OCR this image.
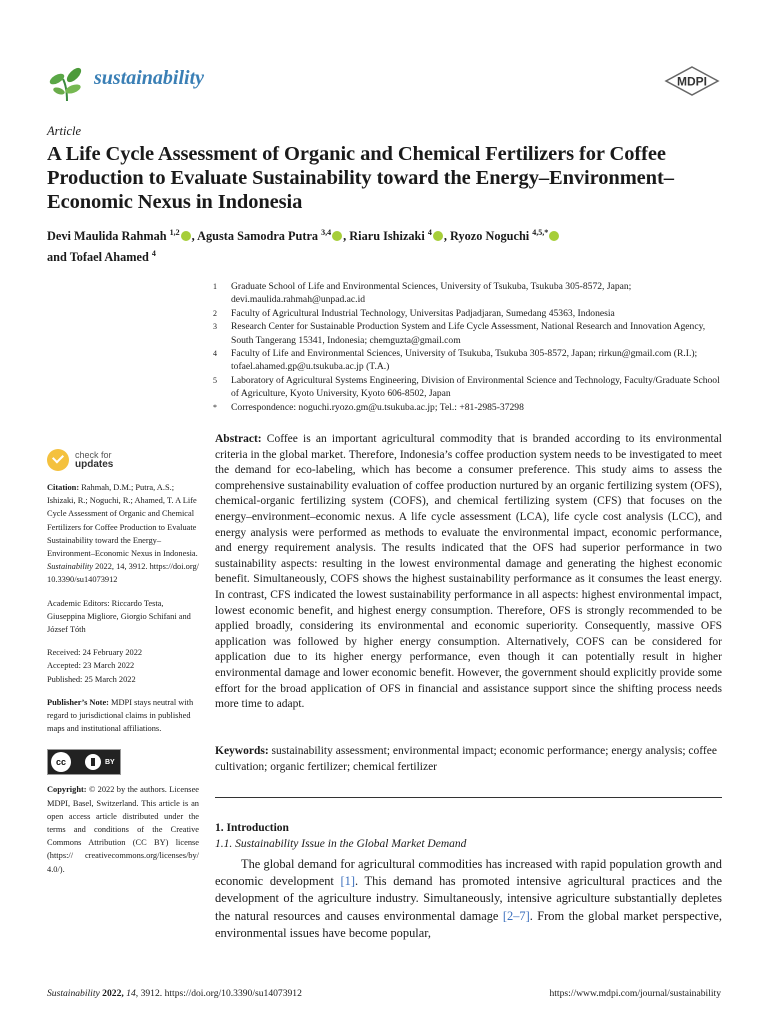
sustainability	MDPI
Article
A Life Cycle Assessment of Organic and Chemical Fertilizers for Coffee Production to Evaluate Sustainability toward the Energy–Environment–Economic Nexus in Indonesia
Devi Maulida Rahmah $^{1,2}$ , Agusta Samodra Putra $^{3,4}$ , Riaru Ishizaki $^4$ , Ryozo Noguchi $^{4,5,*}$
and Tofael Ahamed $^4$
1	Graduate School of Life and Environmental Sciences, University of Tsukuba, Tsukuba 305-8572, Japan; devi.maulida.rahmah@unpad.ac.id
2	Faculty of Agricultural Industrial Technology, Universitas Padjadjaran, Sumedang 45363, Indonesia
3	Research Center for Sustainable Production System and Life Cycle Assessment, National Research and Innovation Agency, South Tangerang 15341, Indonesia; chemguzta@gmail.com
4	Faculty of Life and Environmental Sciences, University of Tsukuba, Tsukuba 305-8572, Japan; rirkun@gmail.com (R.I.); tofael.ahamed.gp@u.tsukuba.ac.jp (T.A.)
5	Laboratory of Agricultural Systems Engineering, Division of Environmental Science and Technology, Faculty/Graduate School of Agriculture, Kyoto University, Kyoto 606-8502, Japan
*	Correspondence: noguchi.ryozo.gm@u.tsukuba.ac.jp; Tel.: +81-2985-37298
check for
updates
Citation: Rahmah, D.M.; Putra, A.S.; Ishizaki, R.; Noguchi, R.; Ahamed, T. A Life Cycle Assessment of Organic and Chemical Fertilizers for Coffee Production to Evaluate Sustainability toward the Energy–Environment–Economic Nexus in Indonesia. Sustainability 2022, 14, 3912. https://doi.org/10.3390/su14073912
Academic Editors: Riccardo Testa, Giuseppina Migliore, Giorgio Schifani and József Tóth
Received: 24 February 2022
Accepted: 23 March 2022
Published: 25 March 2022
Publisher’s Note: MDPI stays neutral with regard to jurisdictional claims in published maps and institutional affiliations.
cc	BY
Copyright: © 2022 by the authors. Licensee MDPI, Basel, Switzerland. This article is an open access article distributed under the terms and conditions of the Creative Commons Attribution (CC BY) license (https:// creativecommons.org/licenses/by/ 4.0/).
Abstract: Coffee is an important agricultural commodity that is branded according to its environmental criteria in the global market. Therefore, Indonesia’s coffee production system needs to be investigated to meet the demand for eco-labeling, which has become a consumer preference. This study aims to assess the comprehensive sustainability evaluation of coffee production nurtured by an organic fertilizing system (OFS), chemical-organic fertilizing system (COFS), and chemical fertilizing system (CFS) that focuses on the energy–environment–economic nexus. A life cycle assessment (LCA), life cycle cost analysis (LCC), and energy analysis were performed as methods to evaluate the environmental impact, economic performance, and energy requirement analysis. The results indicated that the OFS had superior performance in two sustainability aspects: resulting in the lowest environmental damage and generating the highest economic benefit. Simultaneously, COFS shows the highest sustainability performance as it consumes the least energy. In contrast, CFS indicated the lowest sustainability performance in all aspects: highest environmental impact, lowest economic benefit, and highest energy consumption. Therefore, OFS is strongly recommended to be applied broadly, considering its environmental and economic superiority. Consequently, massive OFS application was followed by higher energy consumption. Alternatively, COFS can be considered for application due to its higher energy performance, even though it can potentially result in higher environmental damage and lower economic benefit. However, the government should explicitly provide some effort for the broad application of OFS in financial and assistance support since the shifting process needs more time to adapt.
Keywords: sustainability assessment; environmental impact; economic performance; energy analysis; coffee cultivation; organic fertilizer; chemical fertilizer
1. Introduction
1.1. Sustainability Issue in the Global Market Demand
The global demand for agricultural commodities has increased with rapid population growth and economic development [1]. This demand has promoted intensive agricultural practices and the development of the agriculture industry. Simultaneously, intensive agriculture substantially depletes the natural resources and causes environmental damage [2–7]. From the global market perspective, environmental issues have become popular,
Sustainability 2022, 14, 3912. https://doi.org/10.3390/su14073912	https://www.mdpi.com/journal/sustainability
